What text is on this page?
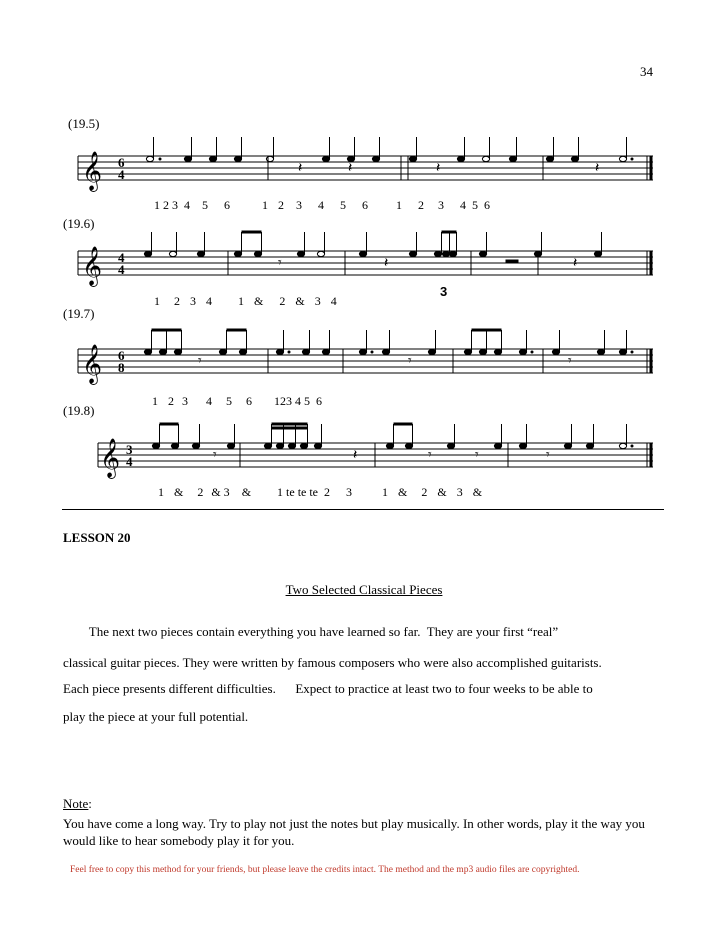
34
(19.5)
𝄞 6
4	𝄽	𝄽	𝄽	𝄽

1 2 3  4 5 6	1 2 3 4 5 6 1 2 3 4  5  6

(19.6)
𝄞 4
4	𝄾	𝄽	𝄽
3

1 2 3 4 1 & 2 & 3 4

(19.7)
𝄞 6
8	𝄾	𝄾	𝄾

1 2 3 4 5 6 123 4 5  6

(19.8)
𝄞 3
4	𝄾	𝄽	𝄾	𝄾	𝄾

1 & 2 & 3 & 1 te te te 2 3	1 & 2 & 3 &

LESSON 20
Two Selected Classical Pieces
The next two pieces contain everything you have learned so far.  They are your first “real”
classical guitar pieces. They were written by famous composers who were also accomplished guitarists.
Each piece presents different difficulties.      Expect to practice at least two to four weeks to be able to
play the piece at your full potential.
Note:
You have come a long way. Try to play not just the notes but play musically. In other words, play it the way you would like to hear somebody play it for you.
Feel free to copy this method for your friends, but please leave the credits intact. The method and the mp3 audio files are copyrighted.
